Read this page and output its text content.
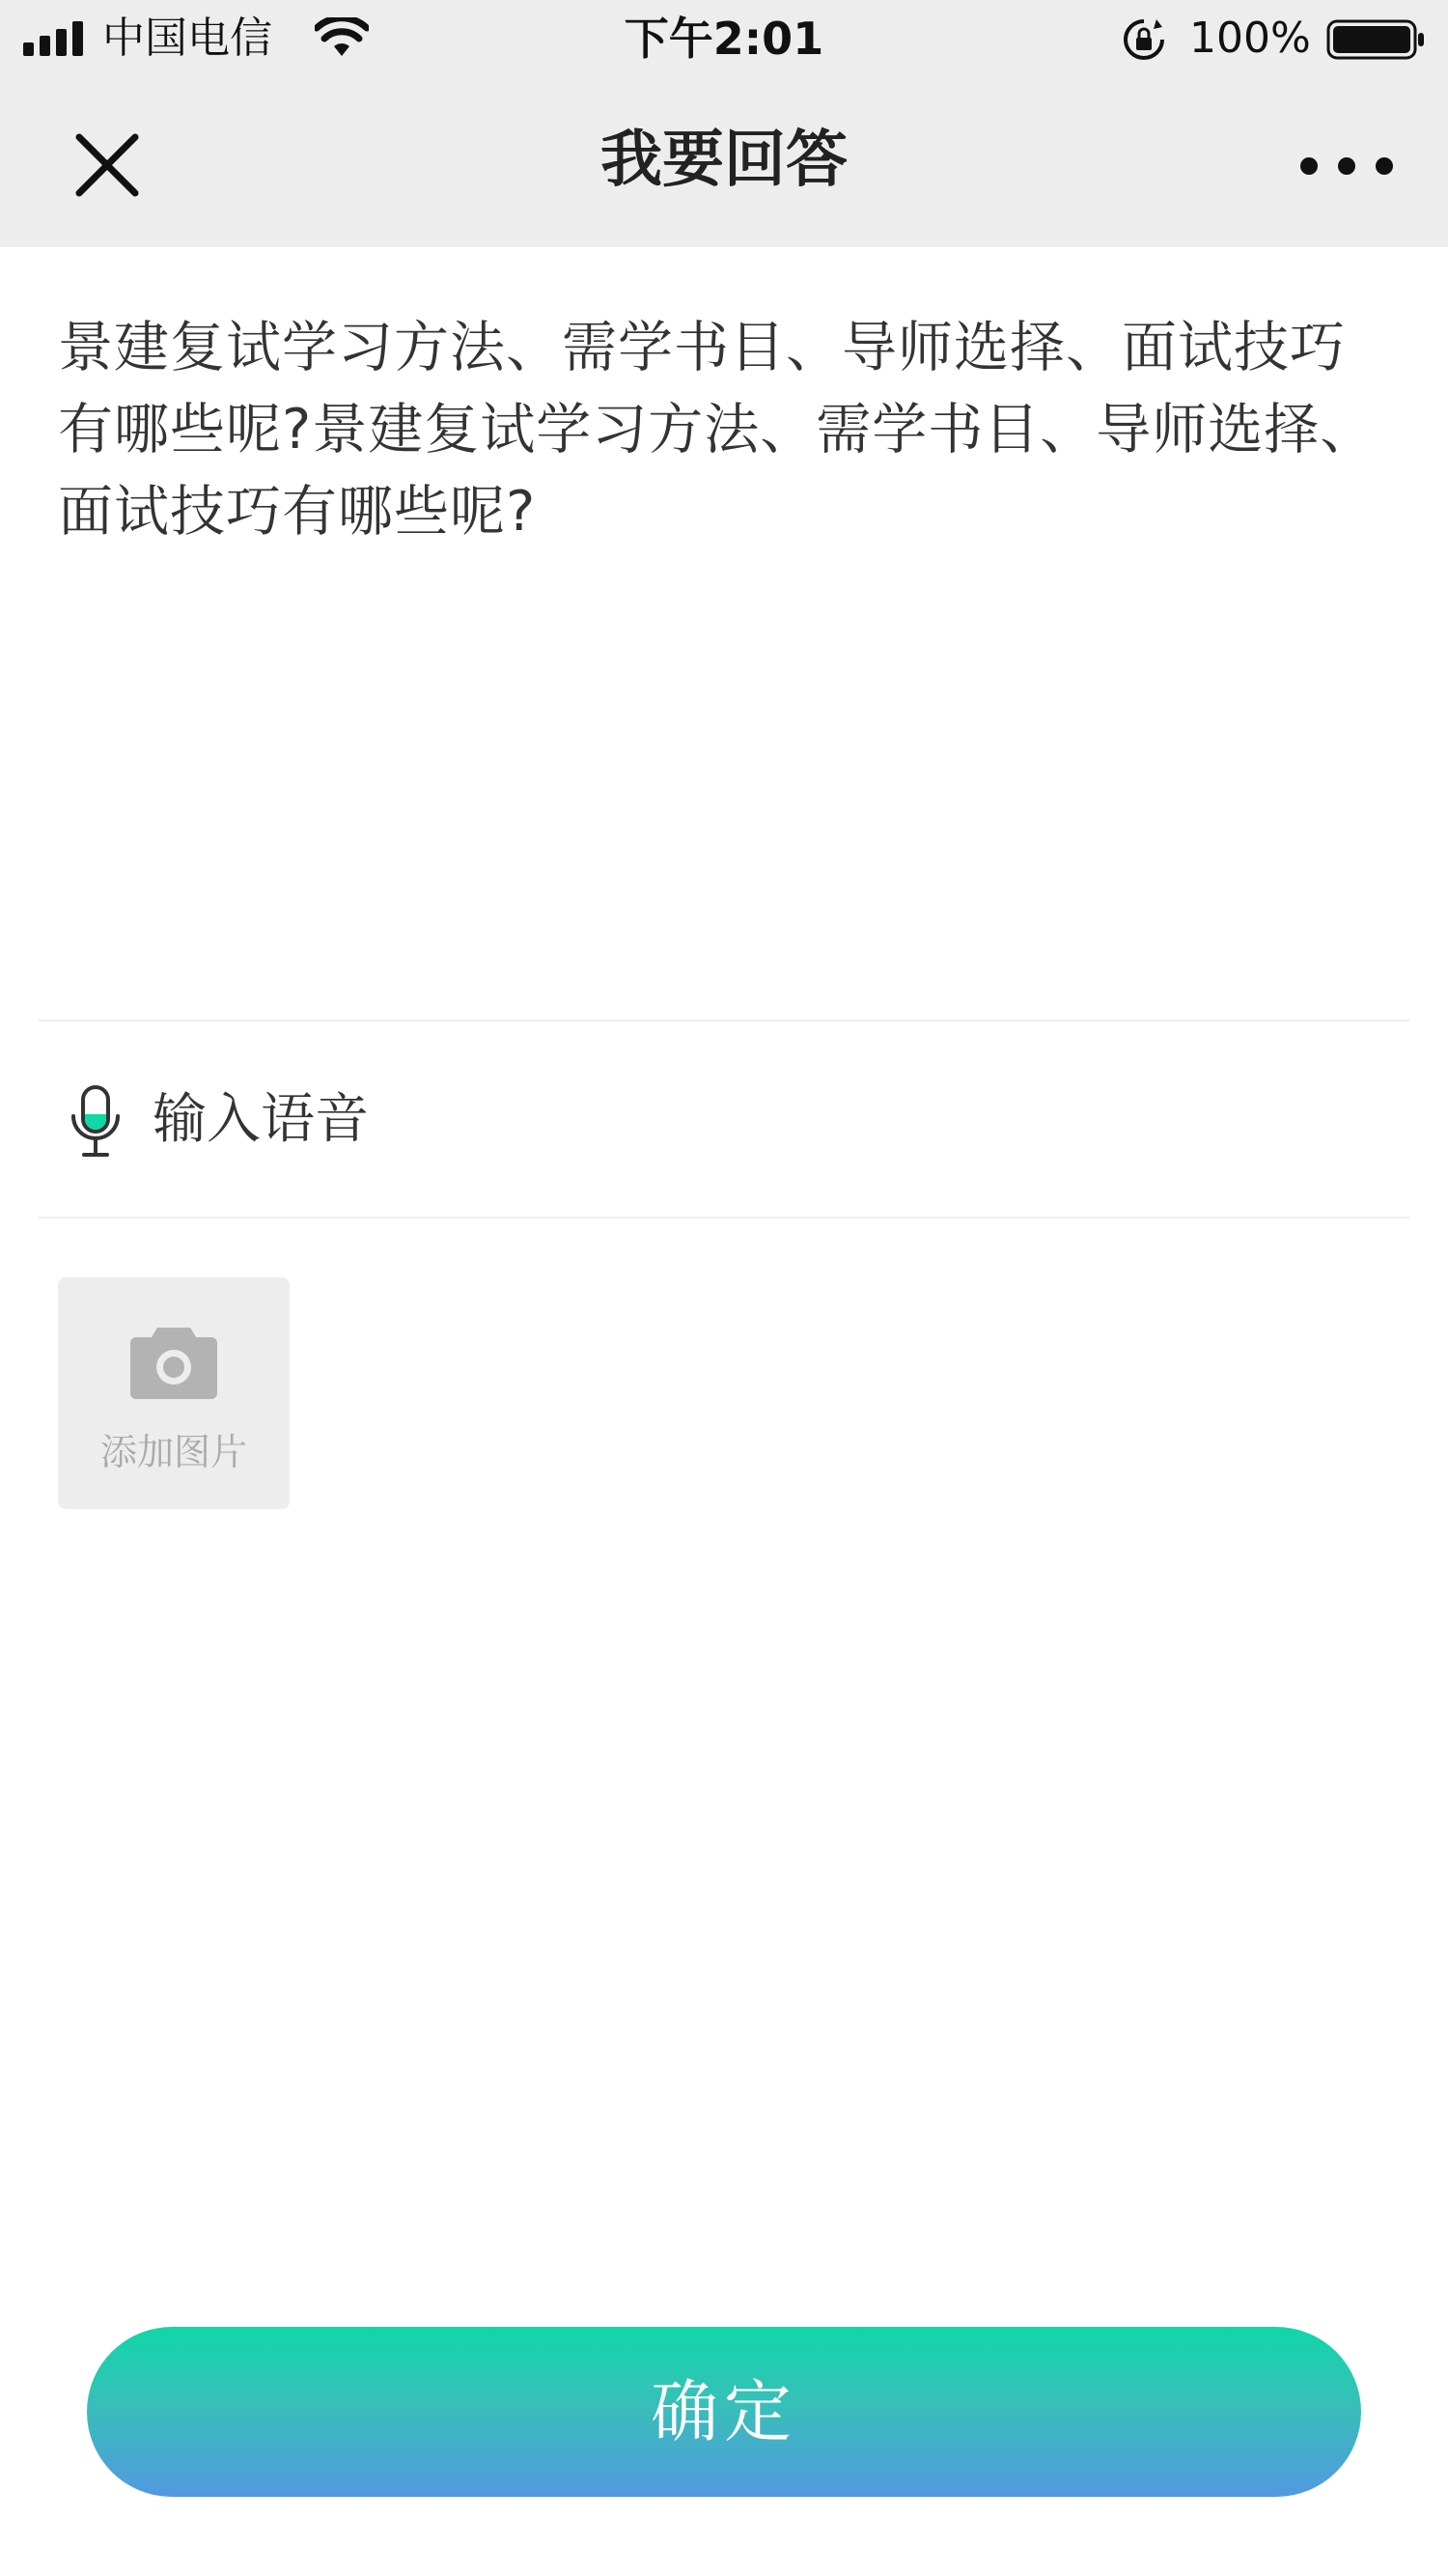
中国电信	下午2:01	100%
我要回答
景建复试学习方法、需学书目、导师选择、面试技巧有哪些呢?景建复试学习方法、需学书目、导师选择、面试技巧有哪些呢?
输入语音
添加图片
确定
